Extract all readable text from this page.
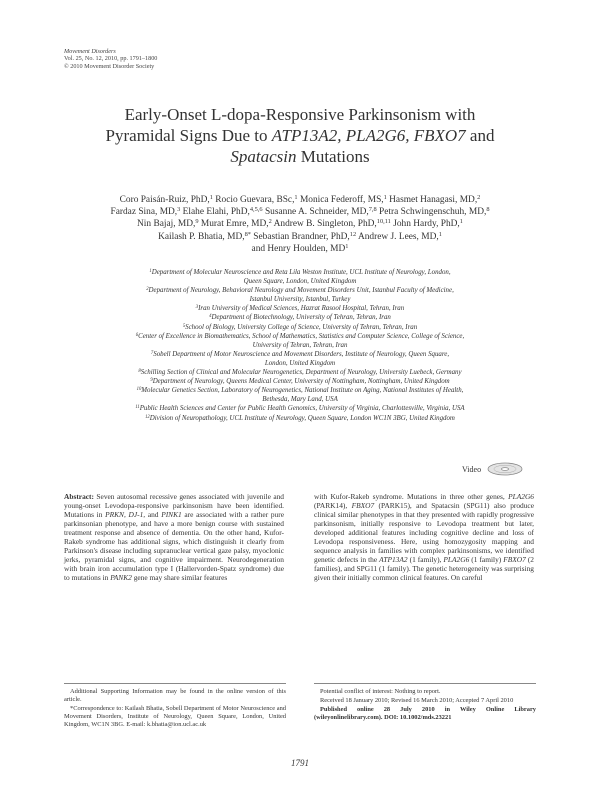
Movement Disorders
Vol. 25, No. 12, 2010, pp. 1791–1800
© 2010 Movement Disorder Society
Early-Onset L-dopa-Responsive Parkinsonism with
Pyramidal Signs Due to ATP13A2, PLA2G6, FBXO7 and
Spatacsin Mutations
Coro Paisán-Ruiz, PhD,$^1$ Rocio Guevara, BSc,$^1$ Monica Federoff, MS,$^1$ Hasmet Hanagasi, MD,$^2$
Fardaz Sina, MD,$^3$ Elahe Elahi, PhD,$^{4,5,6}$ Susanne A. Schneider, MD,$^{7,8}$ Petra Schwingenschuh, MD,$^8$
Nin Bajaj, MD,$^9$ Murat Emre, MD,$^2$ Andrew B. Singleton, PhD,$^{10,11}$ John Hardy, PhD,$^1$
Kailash P. Bhatia, MD,$^{8*}$ Sebastian Brandner, PhD,$^{12}$ Andrew J. Lees, MD,$^1$
and Henry Houlden, $MD^1$
$^1$Department of Molecular Neuroscience and Reta Lila Weston Institute, UCL Institute of Neurology, London,
Queen Square, London, United Kingdom
$^2$Department of Neurology, Behavioral Neurology and Movement Disorders Unit, Istanbul Faculty of Medicine,
Istanbul University, Istanbul, Turkey
$^3$Iran University of Medical Sciences, Hazrat Rasool Hospital, Tehran, Iran
$^4$Department of Biotechnology, University of Tehran, Tehran, Iran
$^5$School of Biology, University College of Science, University of Tehran, Tehran, Iran
$^6$Center of Excellence in Biomathematics, School of Mathematics, Statistics and Computer Science, College of Science,
University of Tehran, Tehran, Iran
$^7$Sobell Department of Motor Neuroscience and Movement Disorders, Institute of Neurology, Queen Square,
London, United Kingdom
$^8$Schilling Section of Clinical and Molecular Neurogenetics, Department of Neurology, University Luebeck, Germany
$^9$Department of Neurology, Queens Medical Center, University of Nottingham, Nottingham, United Kingdom
$^{10}$Molecular Genetics Section, Laboratory of Neurogenetics, National Institute on Aging, National Institutes of Health,
Bethesda, Mary Land, USA
$^{11}$Public Health Sciences and Center for Public Health Genomics, University of Virginia, Charlottesville, Virginia, USA
$^{12}$Division of Neuropathology, UCL Institute of Neurology, Queen Square, London WC1N 3BG, United Kingdom
Video
Abstract: Seven autosomal recessive genes associated with juvenile and young-onset Levodopa-responsive parkinsonism have been identified. Mutations in PRKN, DJ-1, and PINK1 are associated with a rather pure parkinsonian phenotype, and have a more benign course with sustained treatment response and absence of dementia. On the other hand, Kufor-Rakeb syndrome has additional signs, which distinguish it clearly from Parkinson's disease including supranuclear vertical gaze palsy, myoclonic jerks, pyramidal signs, and cognitive impairment. Neurodegeneration with brain iron accumulation type I (Hallervorden-Spatz syndrome) due to mutations in PANK2 gene may share similar features
with Kufor-Rakeb syndrome. Mutations in three other genes, PLA2G6 (PARK14), FBXO7 (PARK15), and Spatacsin (SPG11) also produce clinical similar phenotypes in that they presented with rapidly progressive parkinsonism, initially responsive to Levodopa treatment but later, developed additional features including cognitive decline and loss of Levodopa responsiveness. Here, using homozygosity mapping and sequence analysis in families with complex parkinsonisms, we identified genetic defects in the ATP13A2 (1 family), PLA2G6 (1 family) FBXO7 (2 families), and SPG11 (1 family). The genetic heterogeneity was surprising given their initially common clinical features. On careful

Additional Supporting Information may be found in the online version of this article.

*Correspondence to: Kailash Bhatia, Sobell Department of Motor Neuroscience and Movement Disorders, Institute of Neurology, Queen Square, London, United Kingdom, WC1N 3BG. E-mail: k.bhatia@ion.ucl.ac.uk

Potential conflict of interest: Nothing to report.

Received 18 January 2010; Revised 16 March 2010; Accepted 7 April 2010

Published online 28 July 2010 in Wiley Online Library (wileyonlinelibrary.com). DOI: 10.1002/mds.23221

1791
